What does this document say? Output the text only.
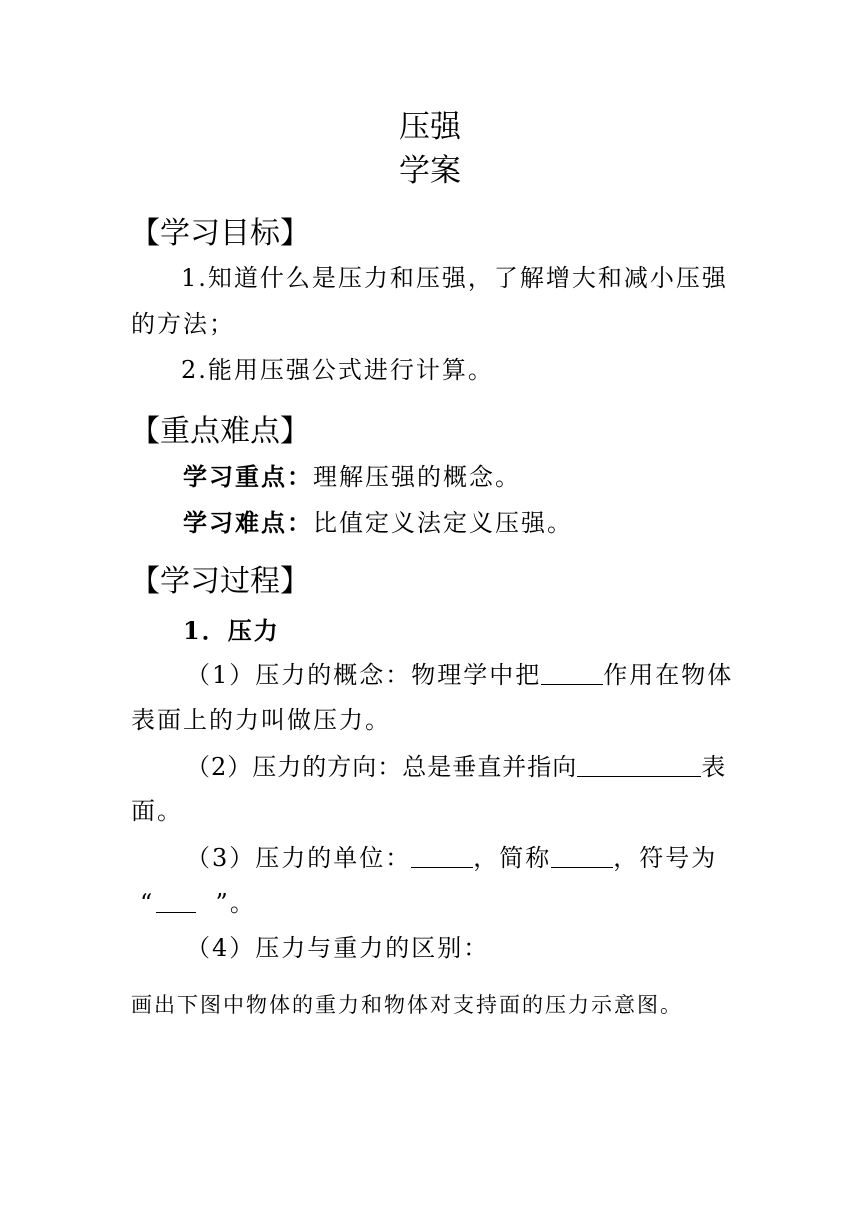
压强
学案
【学习目标】
1.知道什么是压力和压强，了解增大和减小压强
的方法；
2.能用压强公式进行计算。
【重点难点】
学习重点：理解压强的概念。
学习难点：比值定义法定义压强。
【学习过程】
1．压力
（1）压力的概念：物理学中把	作用在物体
表面上的力叫做压力。
（2）压力的方向：总是垂直并指向	表
面。
（3）压力的单位：	，简称	，符号为
“	”。
（4）压力与重力的区别：
画出下图中物体的重力和物体对支持面的压力示意图。
